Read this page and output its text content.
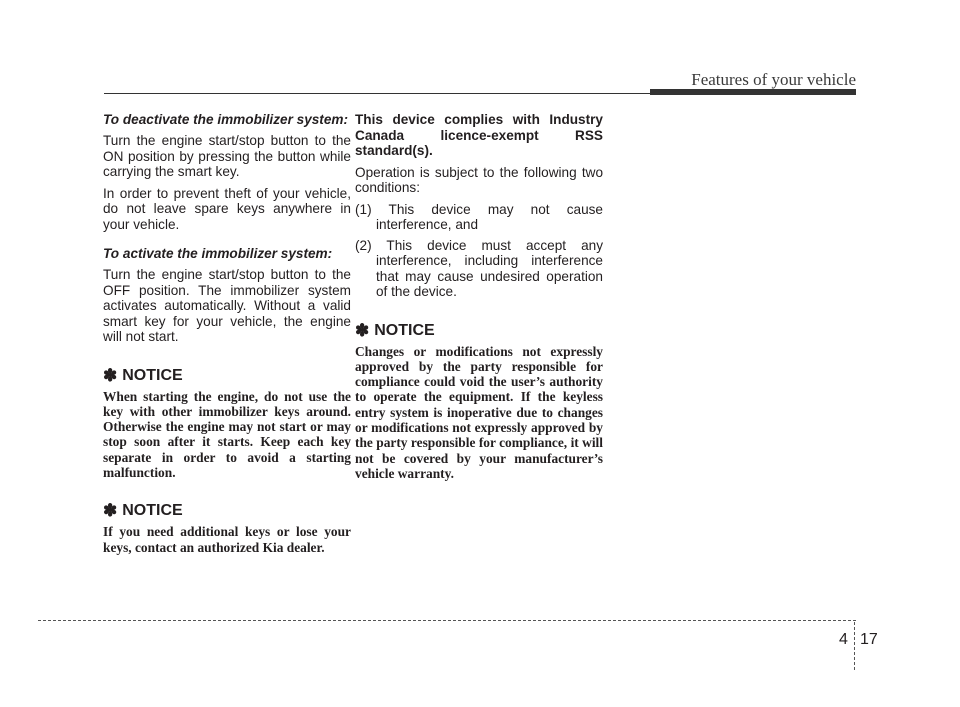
Features of your vehicle

To deactivate the immobilizer system:

Turn the engine start/stop button to the ON position by pressing the button while carrying the smart key.

In order to prevent theft of your vehicle, do not leave spare keys anywhere in your vehicle.

To activate the immobilizer system:

Turn the engine start/stop button to the OFF position. The immobilizer system activates automatically. Without a valid smart key for your vehicle, the engine will not start.

✽ NOTICE

When starting the engine, do not use the key with other immobilizer keys around. Otherwise the engine may not start or may stop soon after it starts. Keep each key separate in order to avoid a starting malfunction.

✽ NOTICE

If you need additional keys or lose your keys, contact an authorized Kia dealer.

This device complies with Industry Canada licence-exempt RSS standard(s).

Operation is subject to the following two conditions:

(1) This device may not cause interference, and

(2) This device must accept any interference, including interference that may cause undesired operation of the device.

✽ NOTICE

Changes or modifications not expressly approved by the party responsible for compliance could void the user’s authority to operate the equipment. If the keyless entry system is inoperative due to changes or modifications not expressly approved by the party responsible for compliance, it will not be covered by your manufacturer’s vehicle warranty.

4 17
